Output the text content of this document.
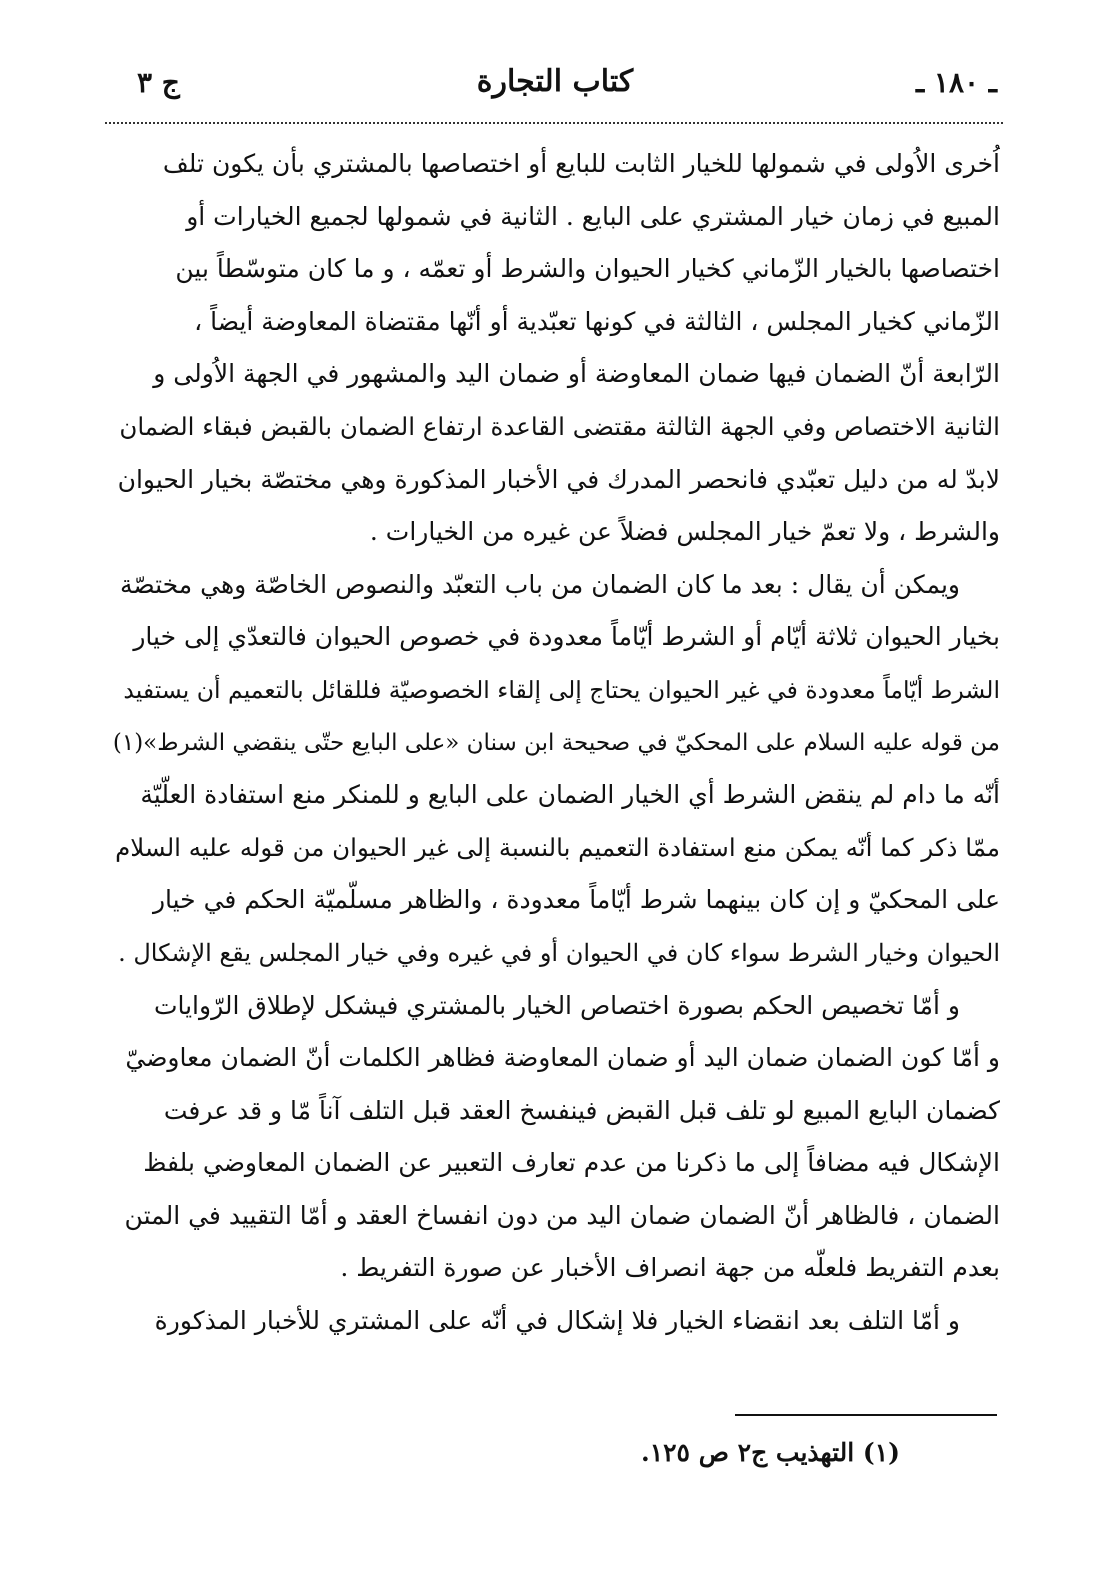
ـ ١٨٠ ـ
كتاب التجارة
ج ٣
اُخرى الاُولى في شمولها للخيار الثابت للبايع أو اختصاصها بالمشتري بأن يكون تلف
المبيع في زمان خيار المشتري على البايع . الثانية في شمولها لجميع الخيارات أو
اختصاصها بالخيار الزّماني كخيار الحيوان والشرط أو تعمّه ، و ما كان متوسّطاً بين
الزّماني كخيار المجلس ، الثالثة في كونها تعبّدية أو أنّها مقتضاة المعاوضة أيضاً ،
الرّابعة أنّ الضمان فيها ضمان المعاوضة أو ضمان اليد والمشهور في الجهة الاُولى و
الثانية الاختصاص وفي الجهة الثالثة مقتضى القاعدة ارتفاع الضمان بالقبض فبقاء الضمان
لابدّ له من دليل تعبّدي فانحصر المدرك في الأخبار المذكورة وهي مختصّة بخيار الحيوان
والشرط ، ولا تعمّ خيار المجلس فضلاً عن غيره من الخيارات .
ويمكن أن يقال : بعد ما كان الضمان من باب التعبّد والنصوص الخاصّة وهي مختصّة
بخيار الحيوان ثلاثة أيّام أو الشرط أيّاماً معدودة في خصوص الحيوان فالتعدّي إلى خيار
الشرط أيّاماً معدودة في غير الحيوان يحتاج إلى إلقاء الخصوصيّة فللقائل بالتعميم أن يستفيد
من قوله عليه السلام على المحكيّ في صحيحة ابن سنان «على البايع حتّى ينقضي الشرط»(١)
أنّه ما دام لم ينقض الشرط أي الخيار الضمان على البايع و للمنكر منع استفادة العلّيّة
ممّا ذكر كما أنّه يمكن منع استفادة التعميم بالنسبة إلى غير الحيوان من قوله عليه السلام
على المحكيّ و إن كان بينهما شرط أيّاماً معدودة ، والظاهر مسلّميّة الحكم في خيار
الحيوان وخيار الشرط سواء كان في الحيوان أو في غيره وفي خيار المجلس يقع الإشكال .
و أمّا تخصيص الحكم بصورة اختصاص الخيار بالمشتري فيشكل لإطلاق الرّوايات
و أمّا كون الضمان ضمان اليد أو ضمان المعاوضة فظاهر الكلمات أنّ الضمان معاوضيّ
كضمان البايع المبيع لو تلف قبل القبض فينفسخ العقد قبل التلف آناً مّا و قد عرفت
الإشكال فيه مضافاً إلى ما ذكرنا من عدم تعارف التعبير عن الضمان المعاوضي بلفظ
الضمان ، فالظاهر أنّ الضمان ضمان اليد من دون انفساخ العقد و أمّا التقييد في المتن
بعدم التفريط فلعلّه من جهة انصراف الأخبار عن صورة التفريط .
و أمّا التلف بعد انقضاء الخيار فلا إشكال في أنّه على المشتري للأخبار المذكورة
(١) التهذيب ج٢ ص ١٢٥.
